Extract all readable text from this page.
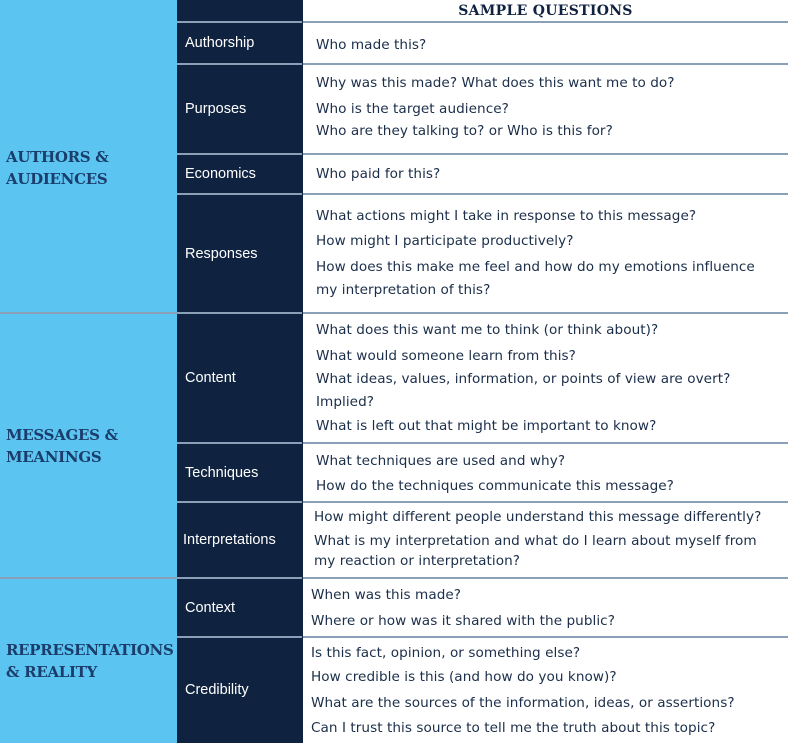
SAMPLE QUESTIONS
AUTHORS &
AUDIENCES
MESSAGES &
MEANINGS
REPRESENTATIONS
& REALITY
Authorship	Who made this?
Purposes
Why was this made? What does this want me to do?
Who is the target audience?
Who are they talking to? or Who is this for?
Economics	Who paid for this?
Responses
What actions might I take in response to this message?
How might I participate productively?
How does this make me feel and how do my emotions influence
my interpretation of this?
Content
What does this want me to think (or think about)?
What would someone learn from this?
What ideas, values, information, or points of view are overt?
Implied?
What is left out that might be important to know?
Techniques
What techniques are used and why?
How do the techniques communicate this message?
Interpretations
How might different people understand this message differently?
What is my interpretation and what do I learn about myself from
my reaction or interpretation?
Context
When was this made?
Where or how was it shared with the public?
Credibility
Is this fact, opinion, or something else?
How credible is this (and how do you know)?
What are the sources of the information, ideas, or assertions?
Can I trust this source to tell me the truth about this topic?
